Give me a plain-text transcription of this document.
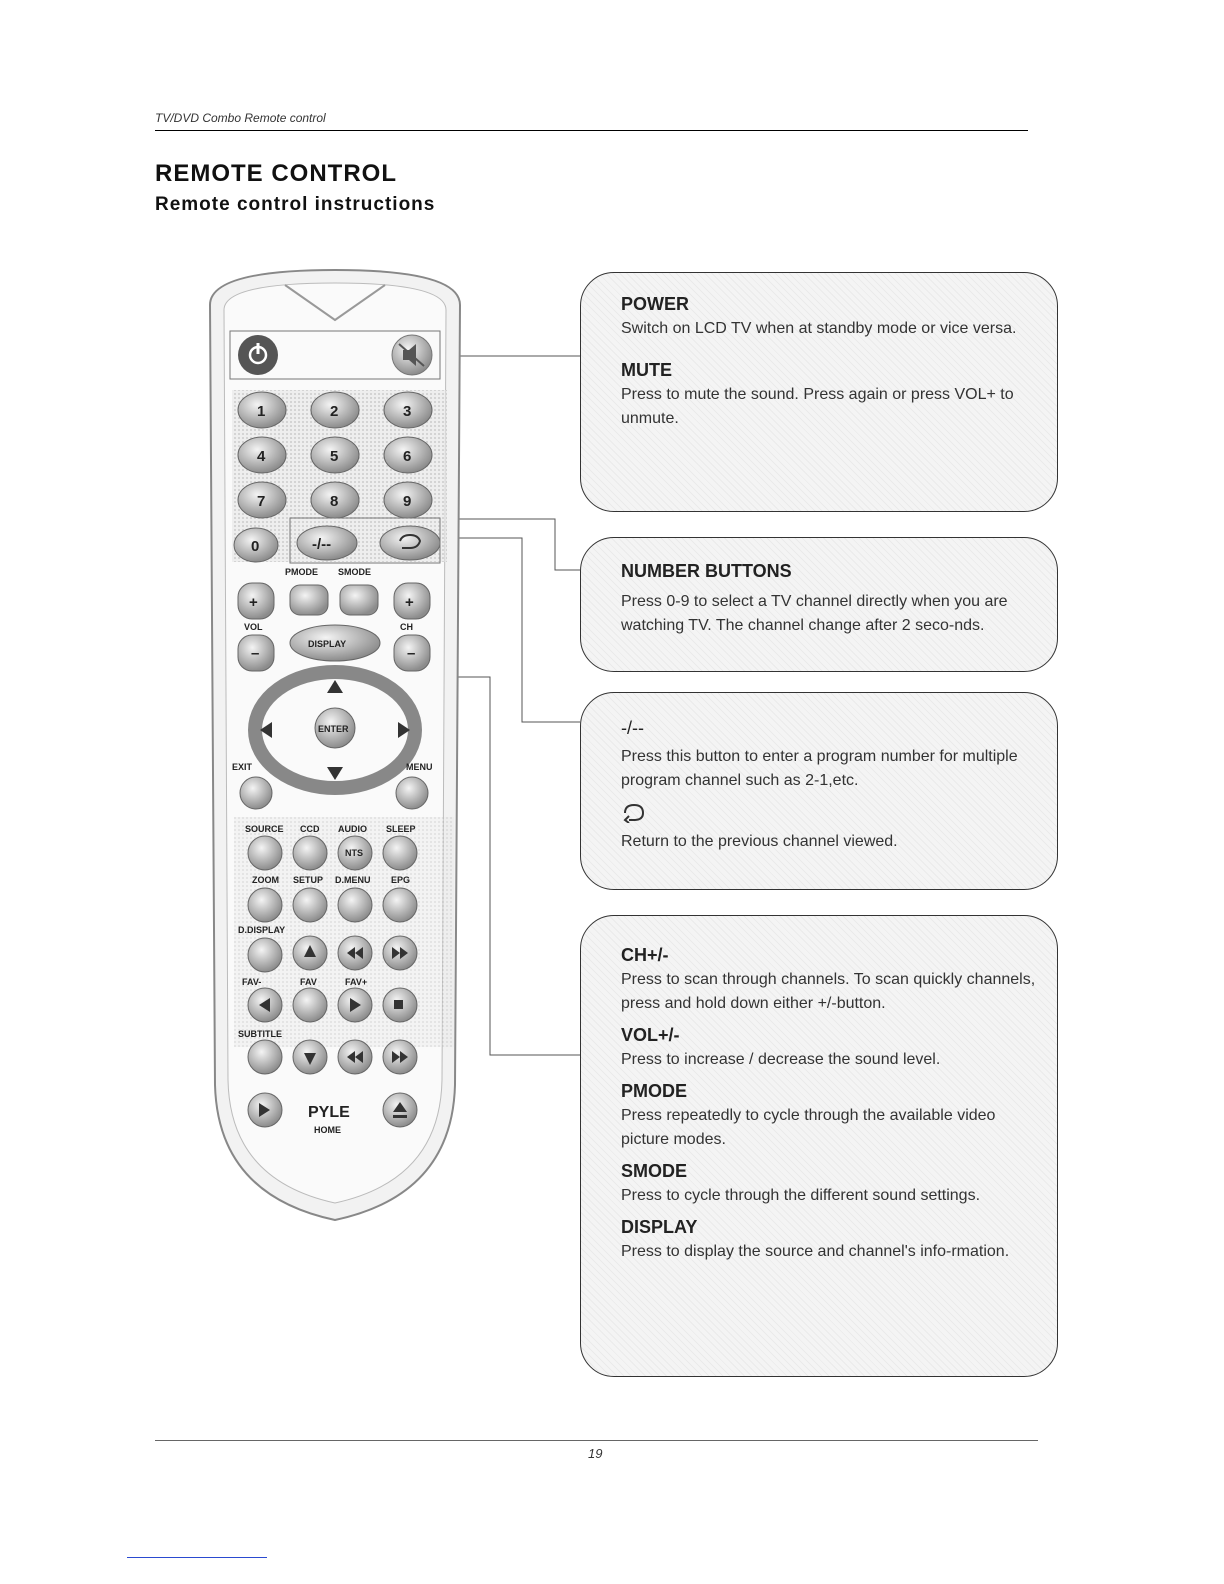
TV/DVD Combo Remote control
REMOTE CONTROL
Remote control instructions
1	2	3
4	5	6
7	8	9
0	-/--
PMODE SMODE
+	+
VOL	CH
–
DISPLAY
–
ENTER
EXIT	MENU
SOURCE CCD AUDIO SLEEP
NTS
ZOOM SETUP D.MENU EPG
D.DISPLAY
FAV-	FAV	FAV+
SUBTITLE
PYLE
HOME

POWER

Switch on LCD TV when at standby mode or vice versa.

MUTE

Press to mute the sound. Press again or press VOL+ to unmute.

NUMBER BUTTONS

Press 0-9 to select a TV channel directly when you are watching TV. The channel change after 2 seco-nds.

-/--

Press this button to enter a program number for multiple program channel such as 2-1,etc.

Return to the previous channel viewed.

CH+/-

Press to scan through channels. To scan quickly channels, press and hold down either +/-button.

VOL+/-

Press to increase / decrease the sound level.

PMODE

Press repeatedly to cycle through the available video picture modes.

SMODE

Press to cycle through the different sound settings.

DISPLAY

Press to display the source and channel's info-rmation.

19
